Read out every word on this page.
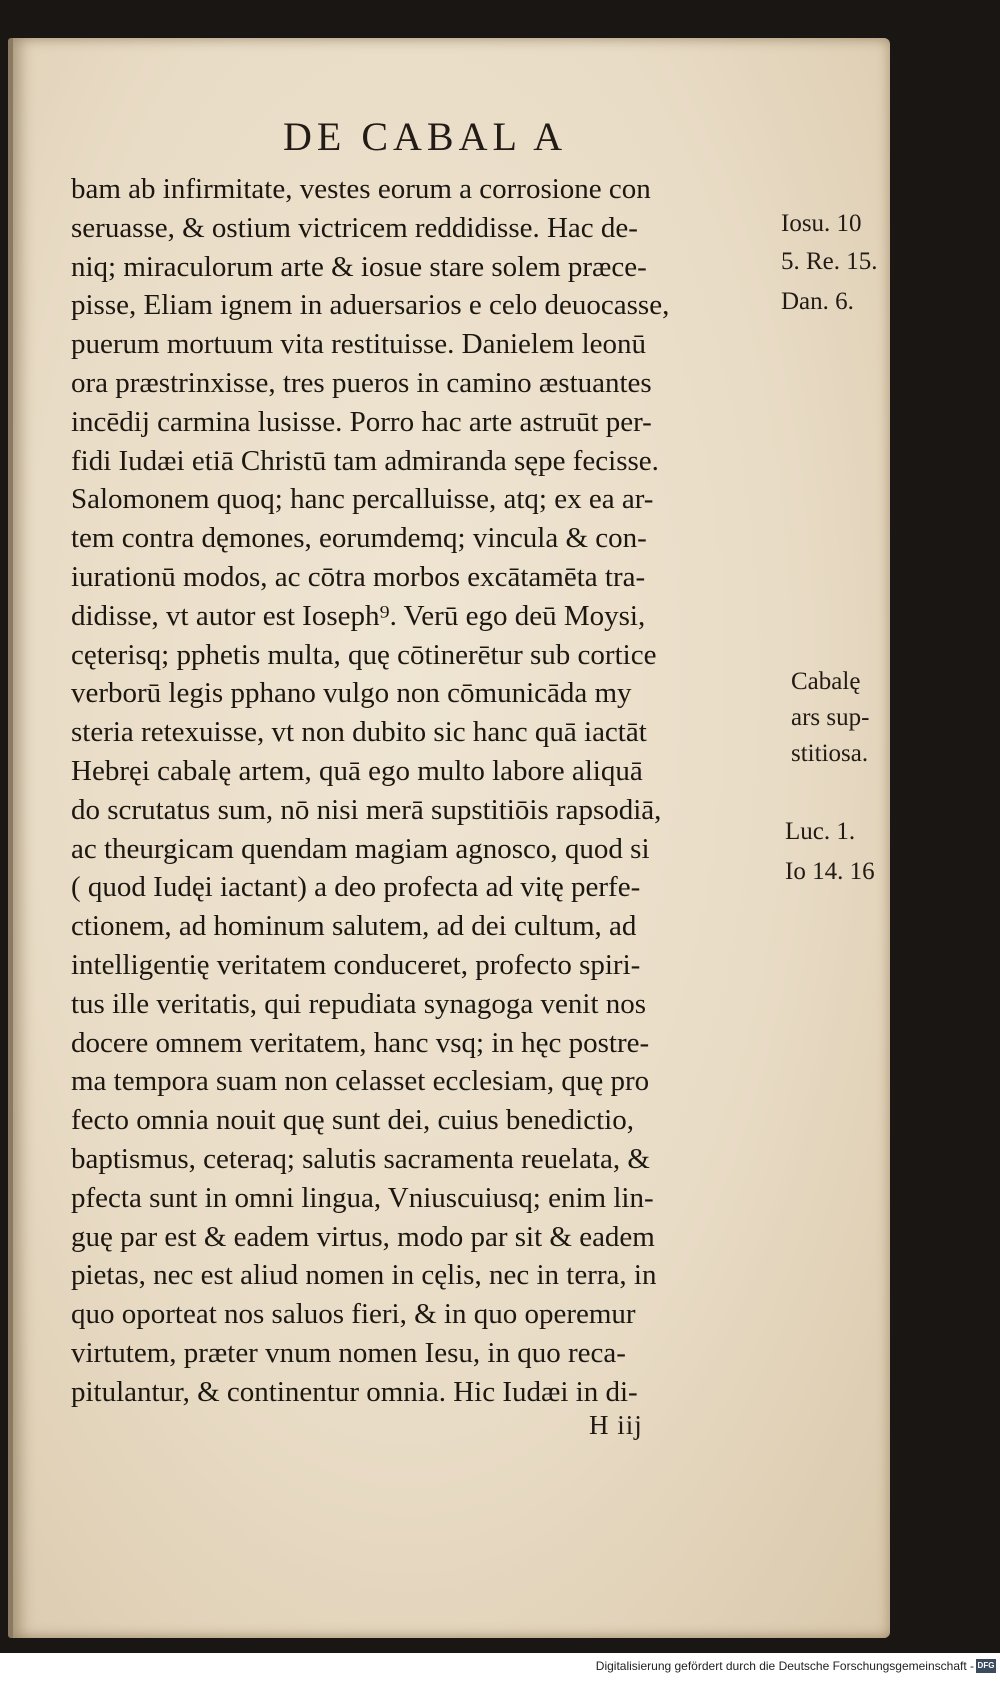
DE CABAL A
bam ab infirmitate, vestes eorum a corrosione con
seruasse, & ostium victricem reddidisse. Hac de-
niq; miraculorum arte & iosue stare solem præce-
pisse, Eliam ignem in aduersarios e celo deuocasse,
puerum mortuum vita restituisse. Danielem leonū
ora præstrinxisse, tres pueros in camino æstuantes
incēdij carmina lusisse. Porro hac arte astruūt per-
fidi Iudæi etiā Christū tam admiranda sępe fecisse.
Salomonem quoq; hanc percalluisse, atq; ex ea ar-
tem contra dęmones, eorumdemq; vincula & con-
iurationū modos, ac cōtra morbos excātamēta tra-
didisse, vt autor est Ioseph⁹. Verū ego deū Moysi,
cęterisq; pphetis multa, quę cōtinerētur sub cortice
verborū legis pphano vulgo non cōmunicāda my
steria retexuisse, vt non dubito sic hanc quā iactāt
Hebręi cabalę artem, quā ego multo labore aliquā
do scrutatus sum, nō nisi merā supstitiōis rapsodiā,
ac theurgicam quendam magiam agnosco, quod si
( quod Iudęi iactant) a deo profecta ad vitę perfe-
ctionem, ad hominum salutem, ad dei cultum, ad
intelligentię veritatem conduceret, profecto spiri-
tus ille veritatis, qui repudiata synagoga venit nos
docere omnem veritatem, hanc vsq; in hęc postre-
ma tempora suam non celasset ecclesiam, quę pro
fecto omnia nouit quę sunt dei, cuius benedictio,
baptismus, ceteraq; salutis sacramenta reuelata, &
pfecta sunt in omni lingua, Vniuscuiusq; enim lin-
guę par est & eadem virtus, modo par sit & eadem
pietas, nec est aliud nomen in cęlis, nec in terra, in
quo oporteat nos saluos fieri, & in quo operemur
virtutem, præter vnum nomen Iesu, in quo reca-
pitulantur, & continentur omnia. Hic Iudæi in di-
Iosu. 10
5. Re. 15.
Dan. 6.
Cabalę
ars sup-
stitiosa.
Luc. 1.
Io 14. 16
H iij
Digitalisierung gefördert durch die Deutsche Forschungsgemeinschaft - DFG
